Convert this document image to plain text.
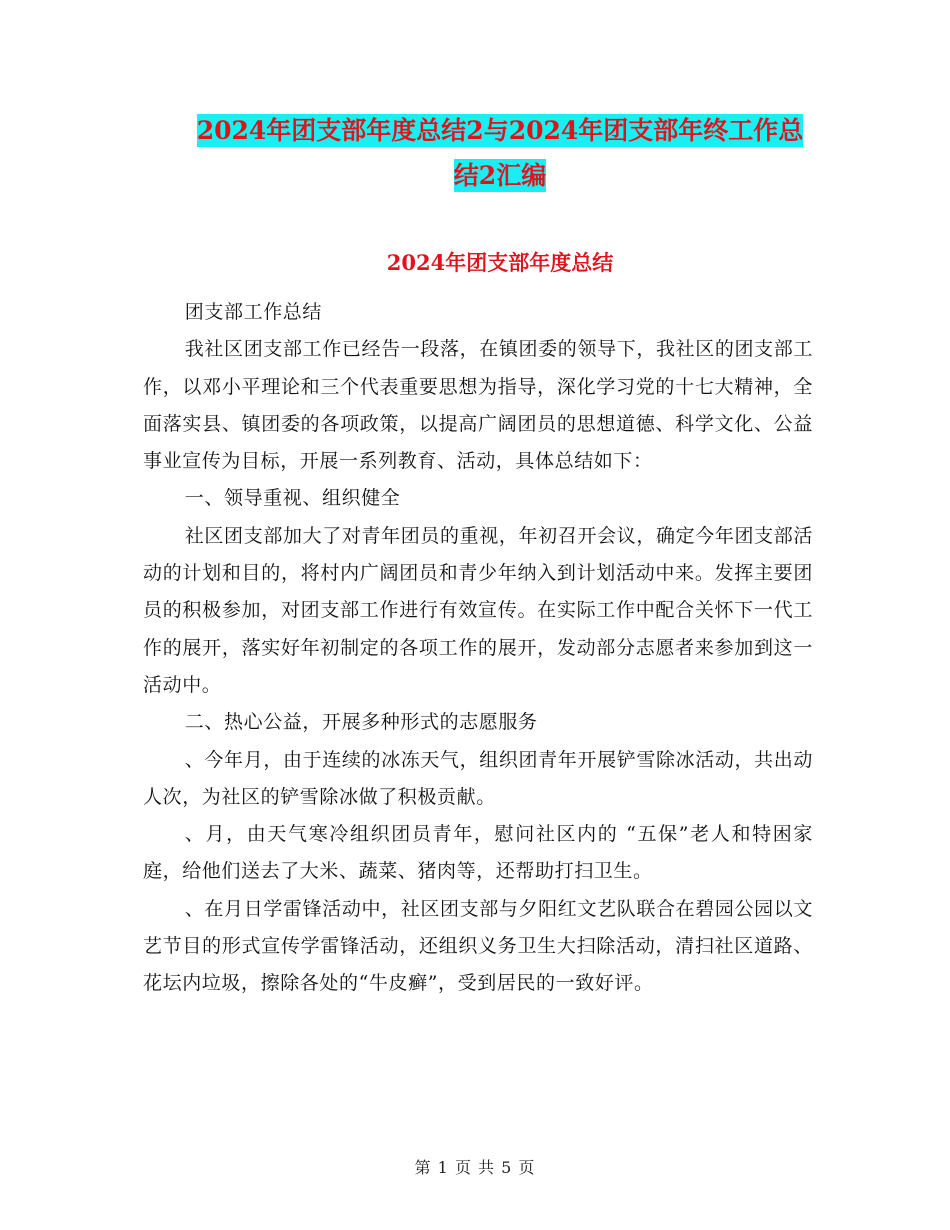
2024年团支部年度总结2与2024年团支部年终工作总
结2汇编
2024年团支部年度总结

团支部工作总结

我社区团支部工作已经告一段落，在镇团委的领导下，我社区的团支部工作，以邓小平理论和三个代表重要思想为指导，深化学习党的十七大精神，全面落实县、镇团委的各项政策，以提高广阔团员的思想道德、科学文化、公益事业宣传为目标，开展一系列教育、活动，具体总结如下：

一、领导重视、组织健全

社区团支部加大了对青年团员的重视，年初召开会议，确定今年团支部活动的计划和目的，将村内广阔团员和青少年纳入到计划活动中来。发挥主要团员的积极参加，对团支部工作进行有效宣传。在实际工作中配合关怀下一代工作的展开，落实好年初制定的各项工作的展开，发动部分志愿者来参加到这一活动中。

二、热心公益，开展多种形式的志愿服务

、今年月，由于连续的冰冻天气，组织团青年开展铲雪除冰活动，共出动人次，为社区的铲雪除冰做了积极贡献。

、月，由天气寒冷组织团员青年，慰问社区内的 “五保”老人和特困家庭，给他们送去了大米、蔬菜、猪肉等，还帮助打扫卫生。

、在月日学雷锋活动中，社区团支部与夕阳红文艺队联合在碧园公园以文艺节目的形式宣传学雷锋活动，还组织义务卫生大扫除活动，清扫社区道路、花坛内垃圾，擦除各处的“牛皮癣”，受到居民的一致好评。

第 1 页 共 5 页
